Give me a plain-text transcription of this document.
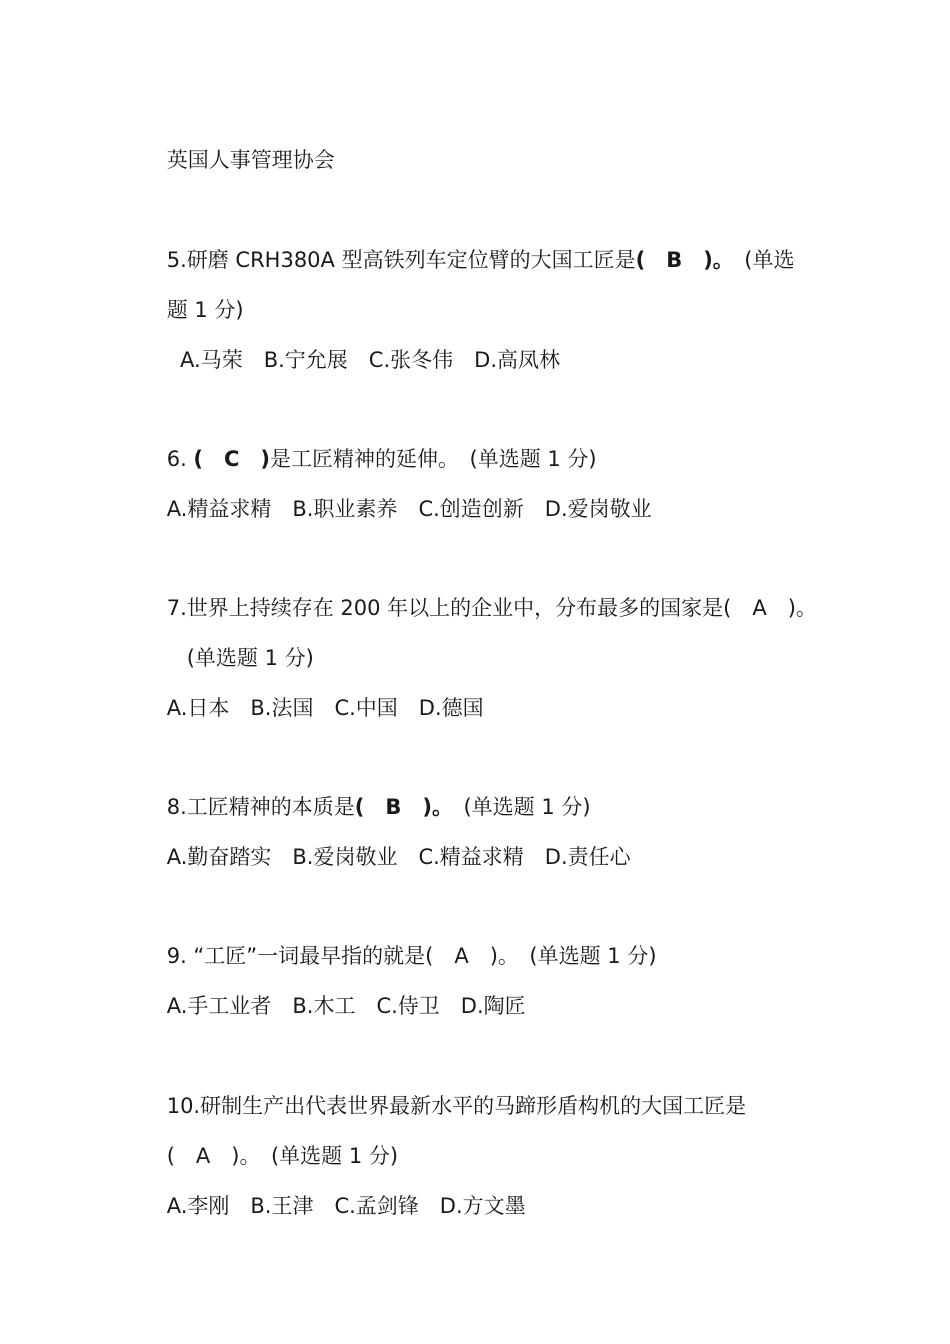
英国人事管理协会

5.研磨 CRH380A 型高铁列车定位臂的大国工匠是(　B　)。　(单选

题 1 分)

A.马荣　B.宁允展　C.张冬伟　D.高凤林

6. (　C　)是工匠精神的延伸。　(单选题 1 分)

A.精益求精　B.职业素养　C.创造创新　D.爱岗敬业

7.世界上持续存在 200 年以上的企业中，分布最多的国家是(　A　)。

(单选题 1 分)

A.日本　B.法国　C.中国　D.德国

8.工匠精神的本质是(　B　)。　(单选题 1 分)

A.勤奋踏实　B.爱岗敬业　C.精益求精　D.责任心

9. “工匠”一词最早指的就是(　A　)。　(单选题 1 分)

A.手工业者　B.木工　C.侍卫　D.陶匠

10.研制生产出代表世界最新水平的马蹄形盾构机的大国工匠是

(　A　)。　(单选题 1 分)

A.李刚　B.王津　C.孟剑锋　D.方文墨
